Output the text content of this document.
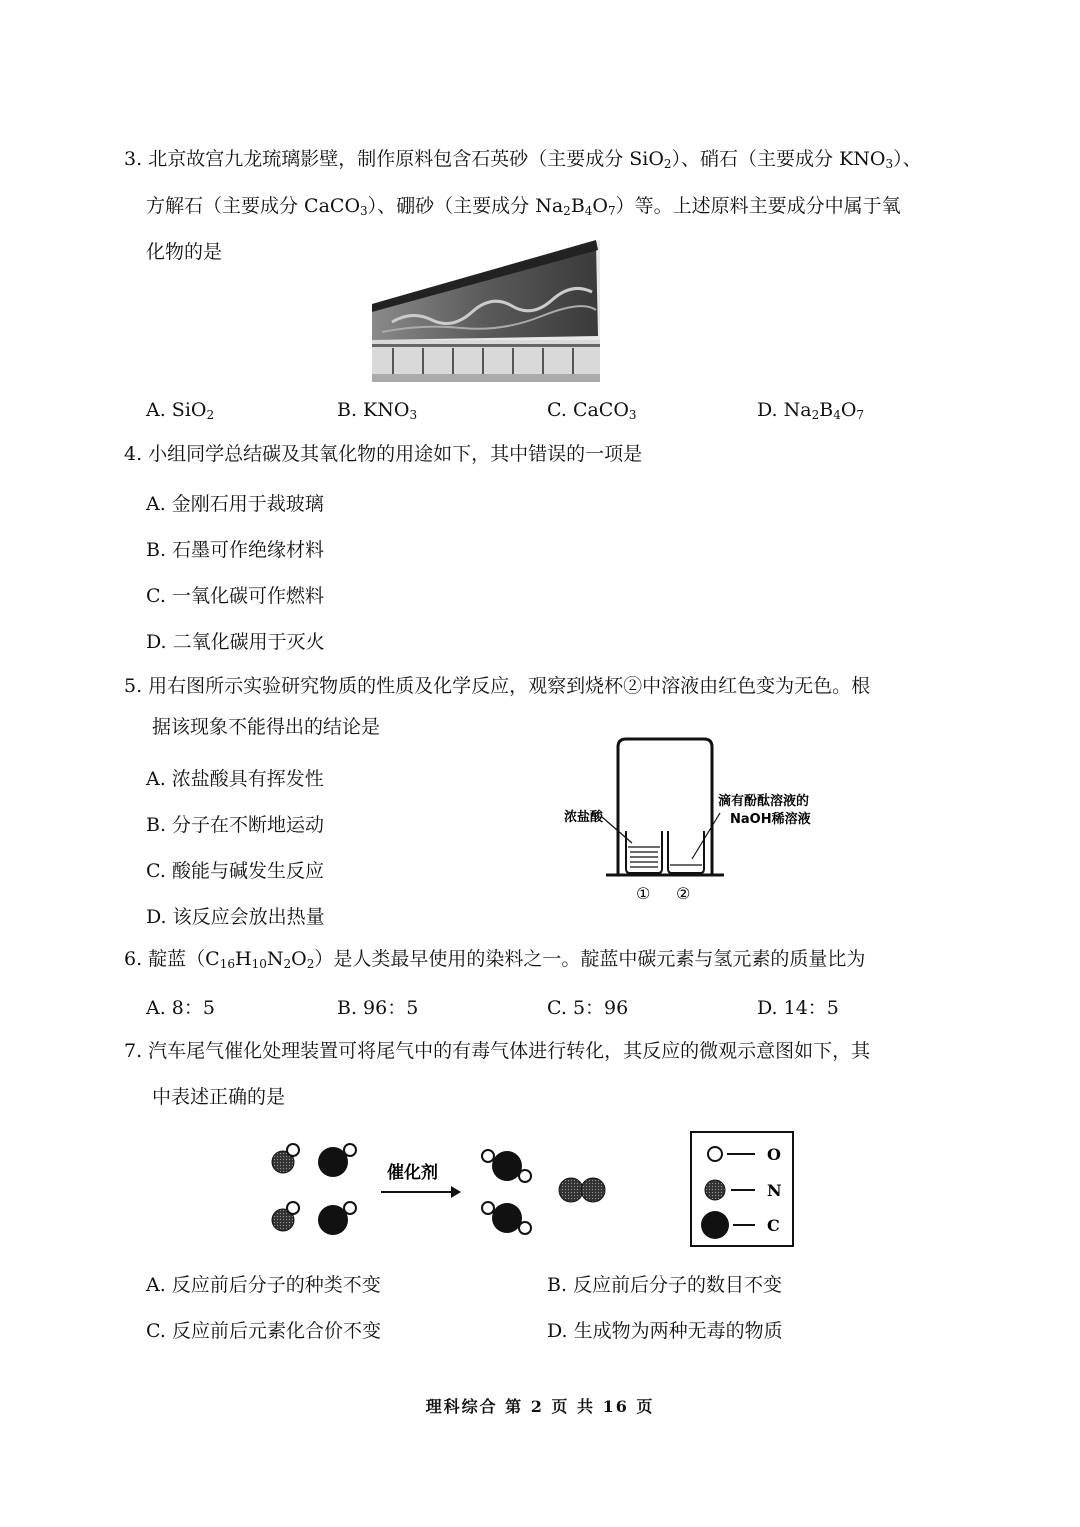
3. 北京故宫九龙琉璃影壁，制作原料包含石英砂（主要成分 SiO$_2$）、硝石（主要成分 $KNO_3$）、
方解石（主要成分 CaCO$_3$）、硼砂（主要成分 $Na_2B_4O_7$）等。上述原料主要成分中属于氧
化物的是
A. SiO$_2$	B. $KNO_3$	C. CaCO$_3$	D. $Na_2B_4O_7$
4. 小组同学总结碳及其氧化物的用途如下，其中错误的一项是
A. 金刚石用于裁玻璃
B. 石墨可作绝缘材料
C. 一氧化碳可作燃料
D. 二氧化碳用于灭火
5. 用右图所示实验研究物质的性质及化学反应，观察到烧杯②中溶液由红色变为无色。根
据该现象不能得出的结论是
A. 浓盐酸具有挥发性
B. 分子在不断地运动
C. 酸能与碱发生反应
D. 该反应会放出热量
浓盐酸
滴有酚酞溶液的
NaOH稀溶液
① ②
6. 靛蓝$(C_{16}H_{10}N_2O_2)$是人类最早使用的染料之一。靛蓝中碳元素与氢元素的质量比为
A. 8：5	B. 96：5	C. 5：96	D. 14：5
7. 汽车尾气催化处理装置可将尾气中的有毒气体进行转化，其反应的微观示意图如下，其
中表述正确的是
催化剂
O
N
C
A. 反应前后分子的种类不变	B. 反应前后分子的数目不变
C. 反应前后元素化合价不变	D. 生成物为两种无毒的物质
理科综合 第 2 页 共 16 页
